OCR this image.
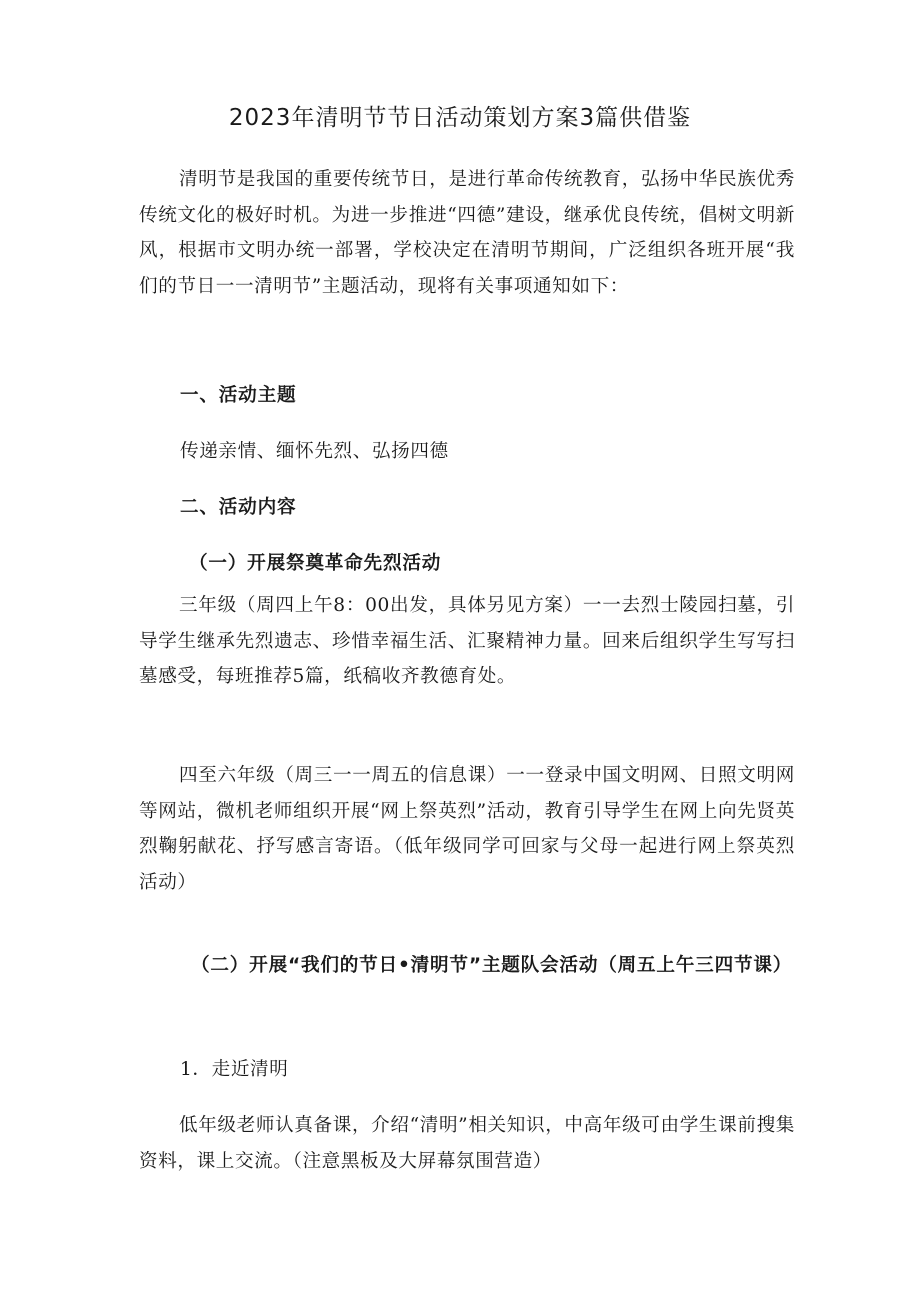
2023年清明节节日活动策划方案3篇供借鉴

清明节是我国的重要传统节日，是进行革命传统教育，弘扬中华民族优秀传统文化的极好时机。为进一步推进“四德”建设，继承优良传统，倡树文明新风，根据市文明办统一部署，学校决定在清明节期间，广泛组织各班开展“我们的节日一一清明节”主题活动，现将有关事项通知如下：

一、活动主题
传递亲情、缅怀先烈、弘扬四德
二、活动内容
（一）开展祭奠革命先烈活动

三年级（周四上午8：00出发，具体另见方案）一一去烈士陵园扫墓，引导学生继承先烈遗志、珍惜幸福生活、汇聚精神力量。回来后组织学生写写扫墓感受，每班推荐5篇，纸稿收齐教德育处。

四至六年级（周三一一周五的信息课）一一登录中国文明网、日照文明网等网站，微机老师组织开展“网上祭英烈”活动，教育引导学生在网上向先贤英烈鞠躬献花、抒写感言寄语。（低年级同学可回家与父母一起进行网上祭英烈活动）

（二）开展“我们的节日•清明节”主题队会活动（周五上午三四节课）

1．走近清明

低年级老师认真备课，介绍“清明”相关知识，中高年级可由学生课前搜集资料，课上交流。（注意黑板及大屏幕氛围营造）
